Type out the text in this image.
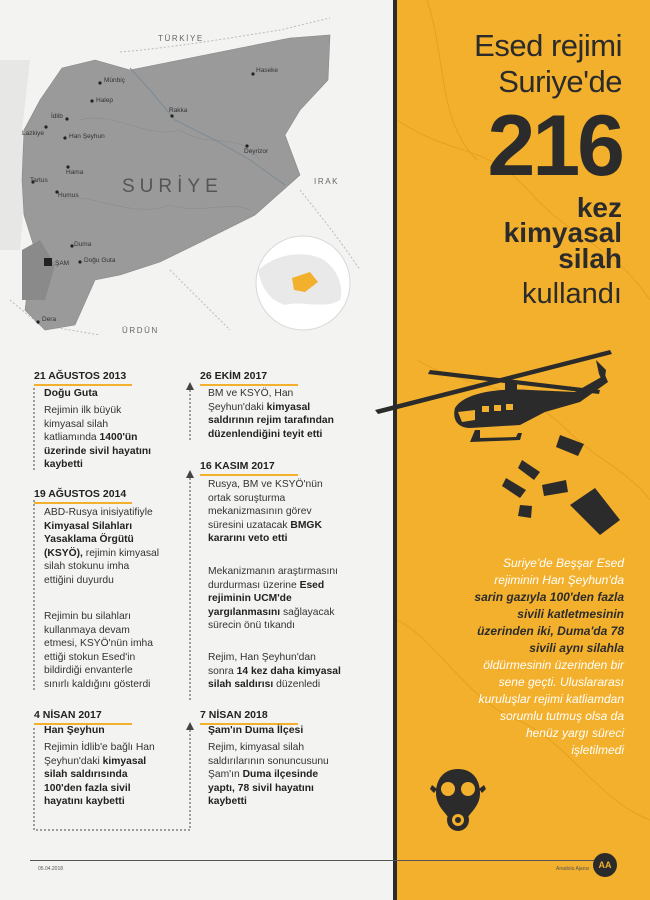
TÜRKİYE
IRAK
ÜRDÜN
SURİYE
Münbiç
Halep
Haseke
Rakka
İdlib
Lazkiye	Han Şeyhun
Deyrizor
Hama
Tartus
Humus
Duma
Doğu Guta
ŞAM
Dera
21 AĞUSTOS 2013
Doğu Guta
Rejimin ilk büyük
kimyasal silah
katliamında 1400'ün
üzerinde sivil hayatını
kaybetti
19 AĞUSTOS 2014
ABD-Rusya inisiyatifiyle
Kimyasal Silahları
Yasaklama Örgütü
(KSYÖ), rejimin kimyasal
silah stokunu imha
ettiğini duyurdu
Rejimin bu silahları
kullanmaya devam
etmesi, KSYÖ'nün imha
ettiği stokun Esed'in
bildirdiği envanterle
sınırlı kaldığını gösterdi
4 NİSAN 2017
Han Şeyhun
Rejimin İdlib'e bağlı Han
Şeyhun'daki kimyasal
silah saldırısında
100'den fazla sivil
hayatını kaybetti
26 EKİM 2017
BM ve KSYÖ, Han
Şeyhun'daki kimyasal
saldırının rejim tarafından
düzenlendiğini teyit etti
16 KASIM 2017
Rusya, BM ve KSYÖ'nün
ortak soruşturma
mekanizmasının görev
süresini uzatacak BMGK
kararını veto etti
Mekanizmanın araştırmasını
durdurması üzerine Esed
rejiminin UCM'de
yargılanmasını sağlayacak
sürecin önü tıkandı
Rejim, Han Şeyhun'dan
sonra 14 kez daha kimyasal
silah saldırısı düzenledi
7 NİSAN 2018
Şam'ın Duma İlçesi
Rejim, kimyasal silah
saldırılarının sonuncusunu
Şam'ın Duma ilçesinde
yaptı, 78 sivil hayatını
kaybetti
Esed rejimi
Suriye'de
216
kez
kimyasal
silah
kullandı
Suriye'de Beşşar Esed
rejiminin Han Şeyhun'da
sarin gazıyla 100'den fazla
sivili katletmesinin
üzerinden iki, Duma'da 78
sivili aynı silahla
öldürmesinin üzerinden bir
sene geçti. Uluslararası
kuruluşlar rejimi katliamdan
sorumlu tutmuş olsa da
henüz yargı süreci
işletilmedi
05.04.2018	Anadolu Ajansı	AA
